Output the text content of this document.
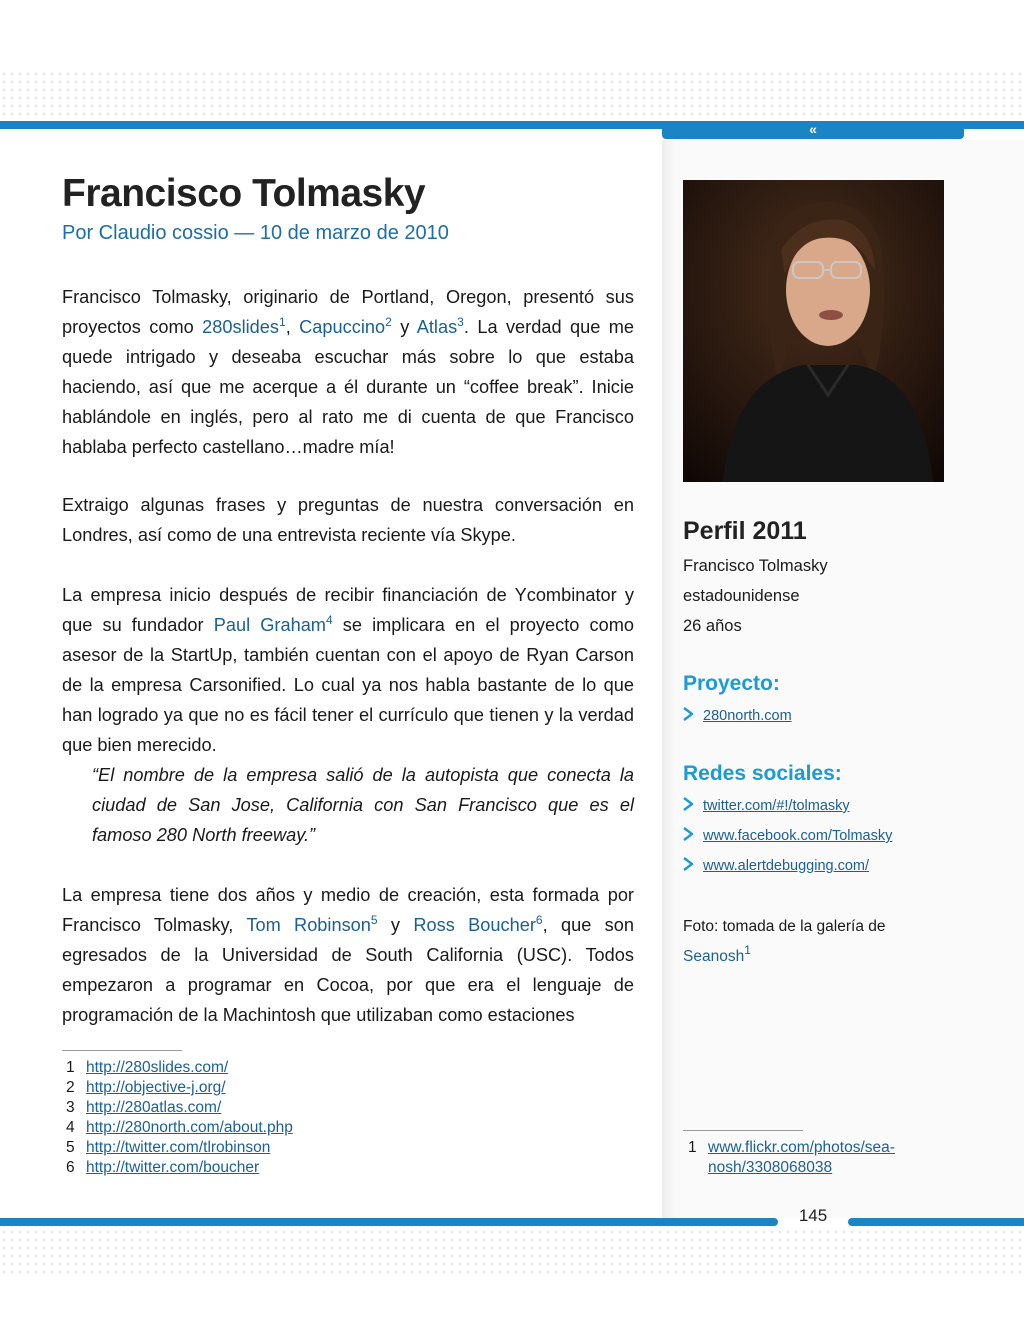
«
Francisco Tolmasky
Por Claudio cossio — 10 de marzo de 2010

Francisco Tolmasky, originario de Portland, Oregon, presentó sus proyectos como 280slides$^1$, Capuccino$^2$ y Atlas$^3$. La verdad que me quede intrigado y deseaba escuchar más sobre lo que estaba haciendo, así que me acerque a él durante un “coffee break”. Inicie hablándole en inglés, pero al rato me di cuenta de que Francisco hablaba perfecto castellano…madre mía!

Extraigo algunas frases y preguntas de nuestra conversación en Londres, así como de una entrevista reciente vía Skype.

La empresa inicio después de recibir financiación de Ycombinator y que su fundador Paul Graham$^4$ se implicara en el proyecto como asesor de la StartUp, también cuentan con el apoyo de Ryan Carson de la empresa Carsonified. Lo cual ya nos habla bastante de lo que han logrado ya que no es fácil tener el currículo que tienen y la verdad que bien merecido.

“El nombre de la empresa salió de la autopista que conecta la ciudad de San Jose, California con San Francisco que es el famoso 280 North freeway.”

La empresa tiene dos años y medio de creación, esta formada por Francisco Tolmasky, Tom Robinson$^5$ y Ross Boucher$^6$, que son egresados de la Universidad de South California (USC). Todos empezaron a programar en Cocoa, por que era el lenguaje de programación de la Machintosh que utilizaban como estaciones

1 http://280slides.com/
2 http://objective-j.org/
3 http://280atlas.com/
4 http://280north.com/about.php
5 http://twitter.com/tlrobinson
6 http://twitter.com/boucher
Perfil 2011
Francisco Tolmasky
estadounidense
26 años
Proyecto:
280north.com
Redes sociales:
twitter.com/#!/tolmasky
www.facebook.com/Tolmasky
www.alertdebugging.com/
Foto: tomada de la galería de
Seanosh$^1$
1 www.flickr.com/photos/sea-
nosh/3308068038
145
